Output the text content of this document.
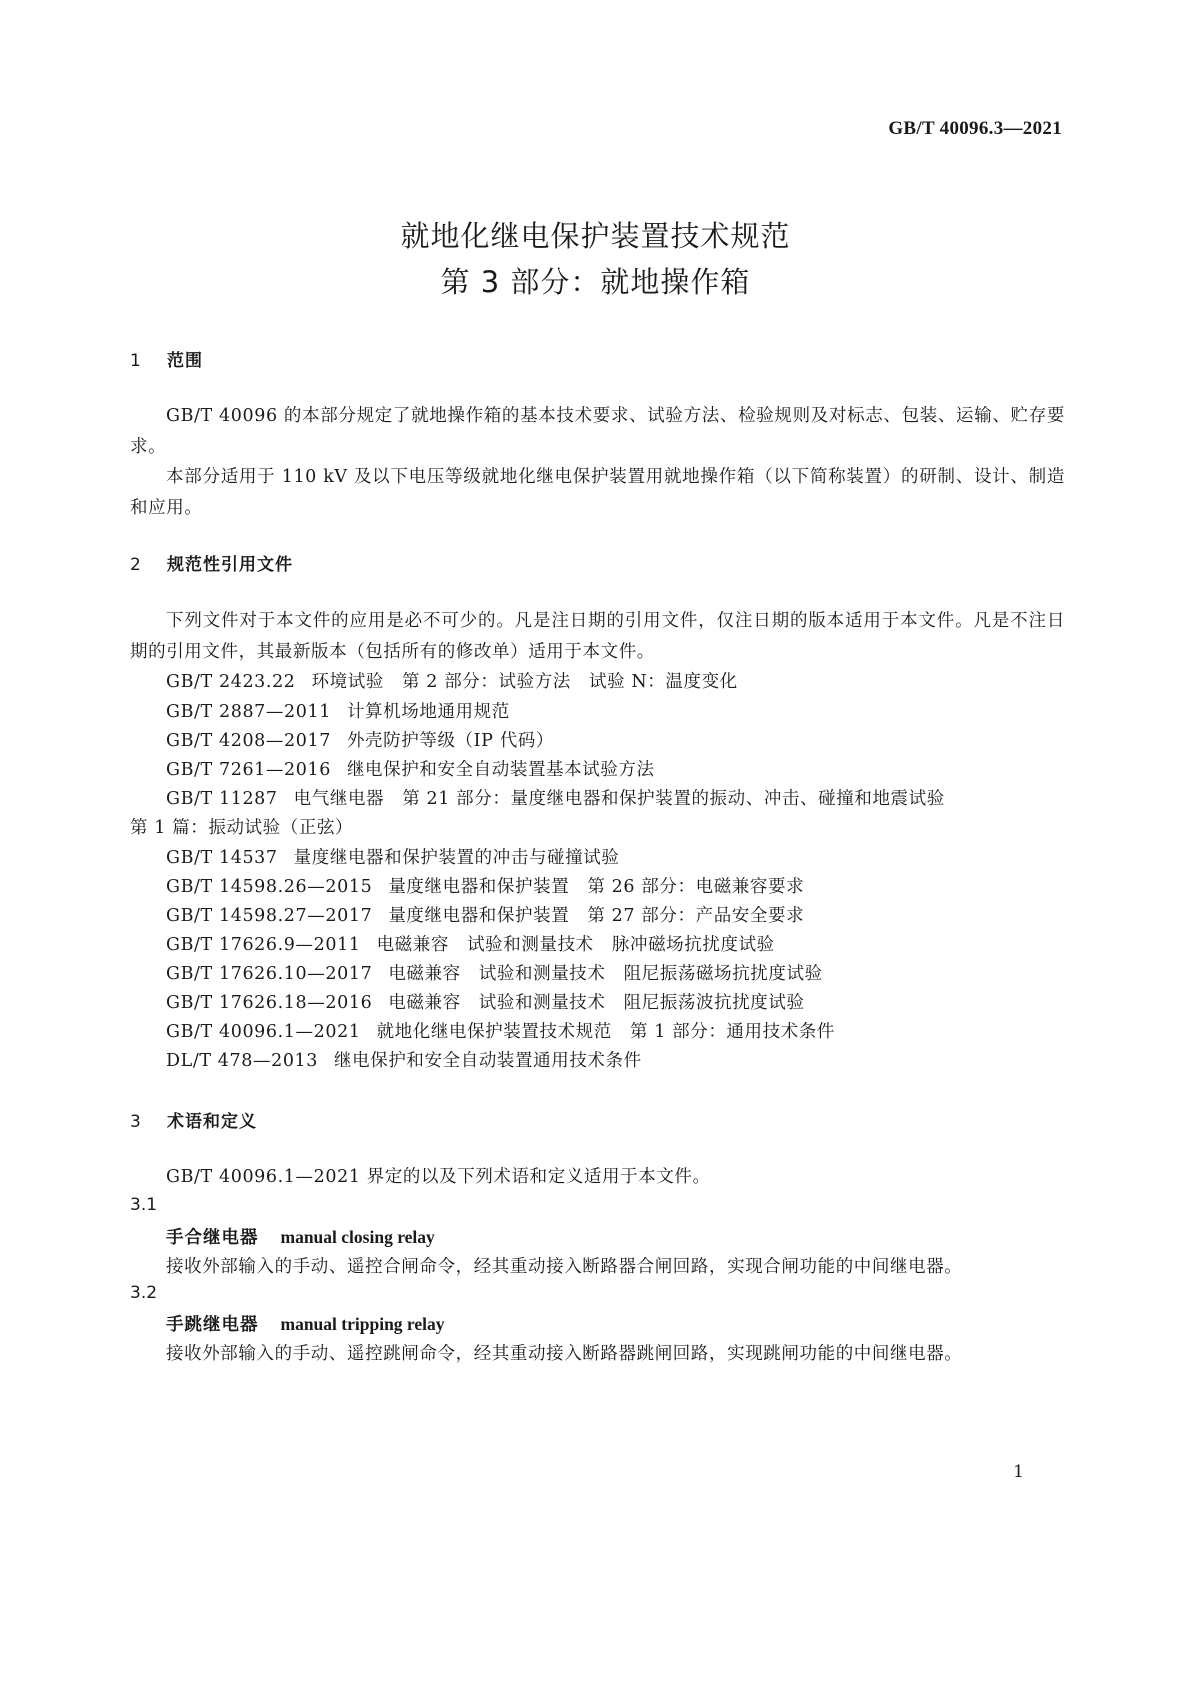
GB/T 40096.3—2021
就地化继电保护装置技术规范
第 3 部分：就地操作箱
1 范围
GB/T 40096 的本部分规定了就地操作箱的基本技术要求、试验方法、检验规则及对标志、包装、运输、贮存要求。
本部分适用于 110 kV 及以下电压等级就地化继电保护装置用就地操作箱（以下简称装置）的研制、设计、制造和应用。
2 规范性引用文件
下列文件对于本文件的应用是必不可少的。凡是注日期的引用文件，仅注日期的版本适用于本文件。凡是不注日期的引用文件，其最新版本（包括所有的修改单）适用于本文件。
GB/T 2423.22 环境试验　第 2 部分：试验方法　试验 N：温度变化
GB/T 2887—2011 计算机场地通用规范
GB/T 4208—2017 外壳防护等级（IP 代码）
GB/T 7261—2016 继电保护和安全自动装置基本试验方法
GB/T 11287 电气继电器　第 21 部分：量度继电器和保护装置的振动、冲击、碰撞和地震试验
第 1 篇：振动试验（正弦）
GB/T 14537 量度继电器和保护装置的冲击与碰撞试验
GB/T 14598.26—2015 量度继电器和保护装置　第 26 部分：电磁兼容要求
GB/T 14598.27—2017 量度继电器和保护装置　第 27 部分：产品安全要求
GB/T 17626.9—2011 电磁兼容　试验和测量技术　脉冲磁场抗扰度试验
GB/T 17626.10—2017 电磁兼容　试验和测量技术　阻尼振荡磁场抗扰度试验
GB/T 17626.18—2016 电磁兼容　试验和测量技术　阻尼振荡波抗扰度试验
GB/T 40096.1—2021 就地化继电保护装置技术规范　第 1 部分：通用技术条件
DL/T 478—2013 继电保护和安全自动装置通用技术条件
3 术语和定义
GB/T 40096.1—2021 界定的以及下列术语和定义适用于本文件。
3.1
手合继电器 manual closing relay
接收外部输入的手动、遥控合闸命令，经其重动接入断路器合闸回路，实现合闸功能的中间继电器。
3.2
手跳继电器 manual tripping relay
接收外部输入的手动、遥控跳闸命令，经其重动接入断路器跳闸回路，实现跳闸功能的中间继电器。
1
